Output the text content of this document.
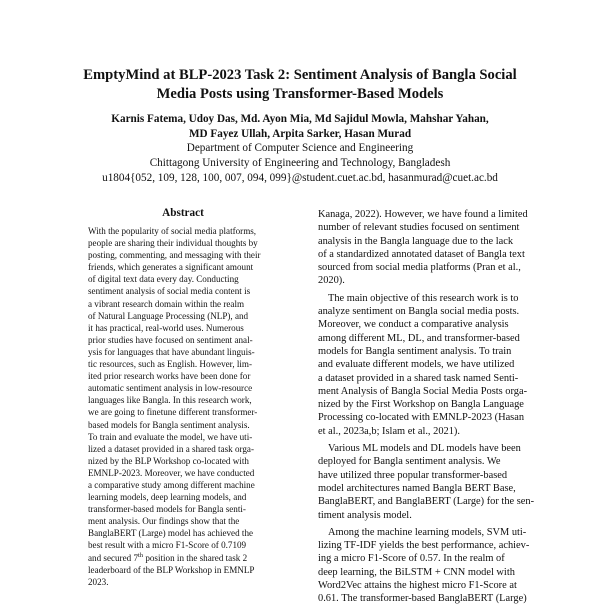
EmptyMind at BLP-2023 Task 2: Sentiment Analysis of Bangla Social
Media Posts using Transformer-Based Models
Karnis Fatema, Udoy Das, Md. Ayon Mia, Md Sajidul Mowla, Mahshar Yahan,
MD Fayez Ullah, Arpita Sarker, Hasan Murad
Department of Computer Science and Engineering
Chittagong University of Engineering and Technology, Bangladesh
u1804{052, 109, 128, 100, 007, 094, 099}@student.cuet.ac.bd, hasanmurad@cuet.ac.bd
Abstract
With the popularity of social media platforms,
people are sharing their individual thoughts by
posting, commenting, and messaging with their
friends, which generates a significant amount
of digital text data every day. Conducting
sentiment analysis of social media content is
a vibrant research domain within the realm
of Natural Language Processing (NLP), and
it has practical, real-world uses. Numerous
prior studies have focused on sentiment anal-
ysis for languages that have abundant linguis-
tic resources, such as English. However, lim-
ited prior research works have been done for
automatic sentiment analysis in low-resource
languages like Bangla. In this research work,
we are going to finetune different transformer-
based models for Bangla sentiment analysis.
To train and evaluate the model, we have uti-
lized a dataset provided in a shared task orga-
nized by the BLP Workshop co-located with
EMNLP-2023. Moreover, we have conducted
a comparative study among different machine
learning models, deep learning models, and
transformer-based models for Bangla senti-
ment analysis. Our findings show that the
BanglaBERT (Large) model has achieved the
best result with a micro F1-Score of 0.7109
and secured 7th position in the shared task 2
leaderboard of the BLP Workshop in EMNLP
2023.
Kanaga, 2022). However, we have found a limited
number of relevant studies focused on sentiment
analysis in the Bangla language due to the lack
of a standardized annotated dataset of Bangla text
sourced from social media platforms (Pran et al.,
2020).
The main objective of this research work is to
analyze sentiment on Bangla social media posts.
Moreover, we conduct a comparative analysis
among different ML, DL, and transformer-based
models for Bangla sentiment analysis. To train
and evaluate different models, we have utilized
a dataset provided in a shared task named Senti-
ment Analysis of Bangla Social Media Posts orga-
nized by the First Workshop on Bangla Language
Processing co-located with EMNLP-2023 (Hasan
et al., 2023a,b; Islam et al., 2021).
Various ML models and DL models have been
deployed for Bangla sentiment analysis. We
have utilized three popular transformer-based
model architectures named Bangla BERT Base,
BanglaBERT, and BanglaBERT (Large) for the sen-
timent analysis model.
Among the machine learning models, SVM uti-
lizing TF-IDF yields the best performance, achiev-
ing a micro F1-Score of 0.57. In the realm of
deep learning, the BiLSTM + CNN model with
Word2Vec attains the highest micro F1-Score at
0.61. The transformer-based BanglaBERT (Large)
